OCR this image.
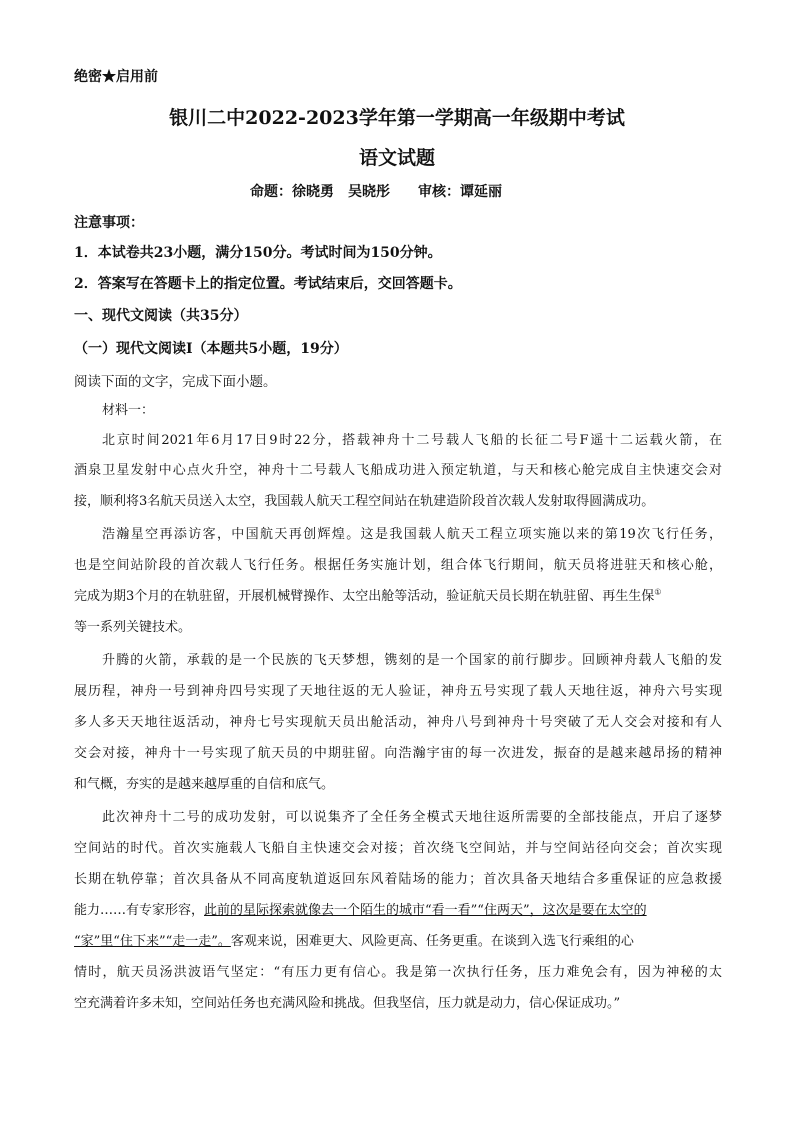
绝密★启用前
银川二中2022-2023学年第一学期高一年级期中考试
语文试题
命题：徐晓勇　吴晓彤　　审核：谭延丽
注意事项：
1．本试卷共23小题，满分150分。考试时间为150分钟。
2．答案写在答题卡上的指定位置。考试结束后，交回答题卡。
一、现代文阅读（共35分）
（一）现代文阅读Ⅰ（本题共5小题，19分）
阅读下面的文字，完成下面小题。
材料一：
北京时间2021年6月17日9时22分，搭载神舟十二号载人飞船的长征二号F遥十二运载火箭，在
酒泉卫星发射中心点火升空，神舟十二号载人飞船成功进入预定轨道，与天和核心舱完成自主快速交会对
接，顺利将3名航天员送入太空，我国载人航天工程空间站在轨建造阶段首次载人发射取得圆满成功。
浩瀚星空再添访客，中国航天再创辉煌。这是我国载人航天工程立项实施以来的第19次飞行任务，
也是空间站阶段的首次载人飞行任务。根据任务实施计划，组合体飞行期间，航天员将进驻天和核心舱，
完成为期3个月的在轨驻留，开展机械臂操作、太空出舱等活动，验证航天员长期在轨驻留、再生生保①
等一系列关键技术。
升腾的火箭，承载的是一个民族的飞天梦想，镌刻的是一个国家的前行脚步。回顾神舟载人飞船的发
展历程，神舟一号到神舟四号实现了天地往返的无人验证，神舟五号实现了载人天地往返，神舟六号实现
多人多天天地往返活动，神舟七号实现航天员出舱活动，神舟八号到神舟十号突破了无人交会对接和有人
交会对接，神舟十一号实现了航天员的中期驻留。向浩瀚宇宙的每一次进发，振奋的是越来越昂扬的精神
和气概，夯实的是越来越厚重的自信和底气。
此次神舟十二号的成功发射，可以说集齐了全任务全模式天地往返所需要的全部技能点，开启了逐梦
空间站的时代。首次实施载人飞船自主快速交会对接；首次绕飞空间站，并与空间站径向交会；首次实现
长期在轨停靠；首次具备从不同高度轨道返回东风着陆场的能力；首次具备天地结合多重保证的应急救援
能力……有专家形容，此前的星际探索就像去一个陌生的城市“看一看”“住两天”，这次是要在太空的
“家”里“住下来”“走一走”。客观来说，困难更大、风险更高、任务更重。在谈到入选飞行乘组的心
情时，航天员汤洪波语气坚定：“有压力更有信心。我是第一次执行任务，压力难免会有，因为神秘的太
空充满着许多未知，空间站任务也充满风险和挑战。但我坚信，压力就是动力，信心保证成功。”
